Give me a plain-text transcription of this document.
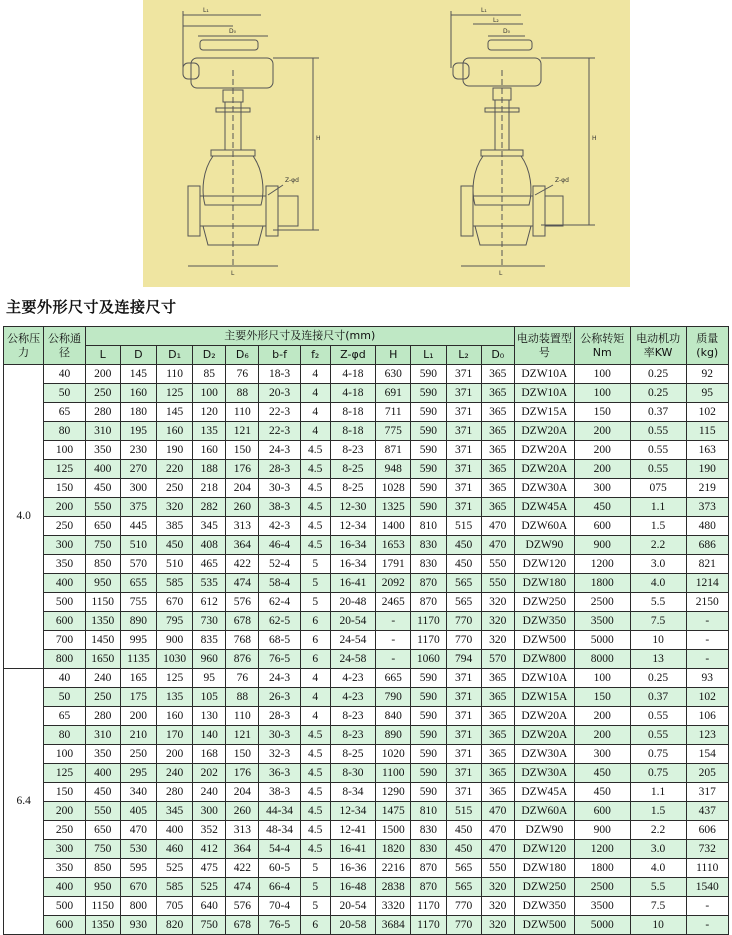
L₁
D₀
H
Z-φd
L
L₁
L₂
D₀
H
Z-φd
L
主要外形尺寸及连接尺寸
公称压力	公称通径	主要外形尺寸及连接尺寸(mm)												电动装置型号	公称转矩Nm	电动机功率KW	质量(kg)
		L	D	D₁	D₂	D₆	b-f	f₂	Z-φd	H	L₁	L₂	D₀				
4.0	40	200	145	110	85	76	18-3	4	4-18	630	590	371	365	DZW10A	100	0.25	92
	50	250	160	125	100	88	20-3	4	4-18	691	590	371	365	DZW10A	100	0.25	95
	65	280	180	145	120	110	22-3	4	8-18	711	590	371	365	DZW15A	150	0.37	102
	80	310	195	160	135	121	22-3	4	8-18	775	590	371	365	DZW20A	200	0.55	115
	100	350	230	190	160	150	24-3	4.5	8-23	871	590	371	365	DZW20A	200	0.55	163
	125	400	270	220	188	176	28-3	4.5	8-25	948	590	371	365	DZW20A	200	0.55	190
	150	450	300	250	218	204	30-3	4.5	8-25	1028	590	371	365	DZW30A	300	075	219
	200	550	375	320	282	260	38-3	4.5	12-30	1325	590	371	365	DZW45A	450	1.1	373
	250	650	445	385	345	313	42-3	4.5	12-34	1400	810	515	470	DZW60A	600	1.5	480
	300	750	510	450	408	364	46-4	4.5	16-34	1653	830	450	470	DZW90	900	2.2	686
	350	850	570	510	465	422	52-4	5	16-34	1791	830	450	550	DZW120	1200	3.0	821
	400	950	655	585	535	474	58-4	5	16-41	2092	870	565	550	DZW180	1800	4.0	1214
	500	1150	755	670	612	576	62-4	5	20-48	2465	870	565	320	DZW250	2500	5.5	2150
	600	1350	890	795	730	678	62-5	6	20-54	-	1170	770	320	DZW350	3500	7.5	-
	700	1450	995	900	835	768	68-5	6	24-54	-	1170	770	320	DZW500	5000	10	-
	800	1650	1135	1030	960	876	76-5	6	24-58	-	1060	794	570	DZW800	8000	13	-
6.4	40	240	165	125	95	76	24-3	4	4-23	665	590	371	365	DZW10A	100	0.25	93
	50	250	175	135	105	88	26-3	4	4-23	790	590	371	365	DZW15A	150	0.37	102
	65	280	200	160	130	110	28-3	4	8-23	840	590	371	365	DZW20A	200	0.55	106
	80	310	210	170	140	121	30-3	4.5	8-23	890	590	371	365	DZW20A	200	0.55	123
	100	350	250	200	168	150	32-3	4.5	8-25	1020	590	371	365	DZW30A	300	0.75	154
	125	400	295	240	202	176	36-3	4.5	8-30	1100	590	371	365	DZW30A	450	0.75	205
	150	450	340	280	240	204	38-3	4.5	8-34	1290	590	371	365	DZW45A	450	1.1	317
	200	550	405	345	300	260	44-34	4.5	12-34	1475	810	515	470	DZW60A	600	1.5	437
	250	650	470	400	352	313	48-34	4.5	12-41	1500	830	450	470	DZW90	900	2.2	606
	300	750	530	460	412	364	54-4	4.5	16-41	1820	830	450	470	DZW120	1200	3.0	732
	350	850	595	525	475	422	60-5	5	16-36	2216	870	565	550	DZW180	1800	4.0	1110
	400	950	670	585	525	474	66-4	5	16-48	2838	870	565	320	DZW250	2500	5.5	1540
	500	1150	800	705	640	576	70-4	5	20-54	3320	1170	770	320	DZW350	3500	7.5	-
	600	1350	930	820	750	678	76-5	6	20-58	3684	1170	770	320	DZW500	5000	10	-
